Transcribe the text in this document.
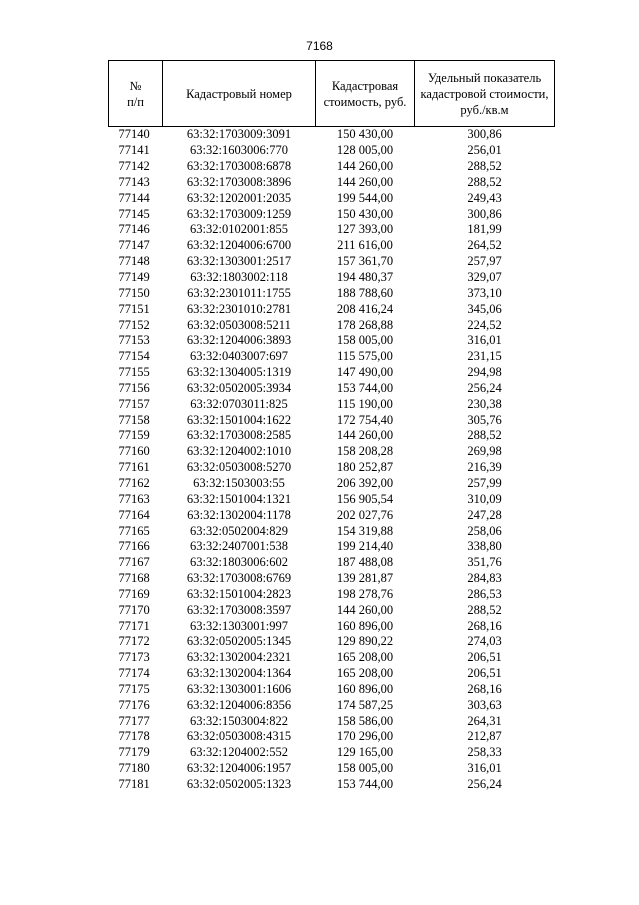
7168
№
п/п	Кадастровый номер	Кадастровая стоимость, руб.	Удельный показатель кадастровой стоимости, руб./кв.м
77140	63:32:1703009:3091	150 430,00	300,86
77141	63:32:1603006:770	128 005,00	256,01
77142	63:32:1703008:6878	144 260,00	288,52
77143	63:32:1703008:3896	144 260,00	288,52
77144	63:32:1202001:2035	199 544,00	249,43
77145	63:32:1703009:1259	150 430,00	300,86
77146	63:32:0102001:855	127 393,00	181,99
77147	63:32:1204006:6700	211 616,00	264,52
77148	63:32:1303001:2517	157 361,70	257,97
77149	63:32:1803002:118	194 480,37	329,07
77150	63:32:2301011:1755	188 788,60	373,10
77151	63:32:2301010:2781	208 416,24	345,06
77152	63:32:0503008:5211	178 268,88	224,52
77153	63:32:1204006:3893	158 005,00	316,01
77154	63:32:0403007:697	115 575,00	231,15
77155	63:32:1304005:1319	147 490,00	294,98
77156	63:32:0502005:3934	153 744,00	256,24
77157	63:32:0703011:825	115 190,00	230,38
77158	63:32:1501004:1622	172 754,40	305,76
77159	63:32:1703008:2585	144 260,00	288,52
77160	63:32:1204002:1010	158 208,28	269,98
77161	63:32:0503008:5270	180 252,87	216,39
77162	63:32:1503003:55	206 392,00	257,99
77163	63:32:1501004:1321	156 905,54	310,09
77164	63:32:1302004:1178	202 027,76	247,28
77165	63:32:0502004:829	154 319,88	258,06
77166	63:32:2407001:538	199 214,40	338,80
77167	63:32:1803006:602	187 488,08	351,76
77168	63:32:1703008:6769	139 281,87	284,83
77169	63:32:1501004:2823	198 278,76	286,53
77170	63:32:1703008:3597	144 260,00	288,52
77171	63:32:1303001:997	160 896,00	268,16
77172	63:32:0502005:1345	129 890,22	274,03
77173	63:32:1302004:2321	165 208,00	206,51
77174	63:32:1302004:1364	165 208,00	206,51
77175	63:32:1303001:1606	160 896,00	268,16
77176	63:32:1204006:8356	174 587,25	303,63
77177	63:32:1503004:822	158 586,00	264,31
77178	63:32:0503008:4315	170 296,00	212,87
77179	63:32:1204002:552	129 165,00	258,33
77180	63:32:1204006:1957	158 005,00	316,01
77181	63:32:0502005:1323	153 744,00	256,24
